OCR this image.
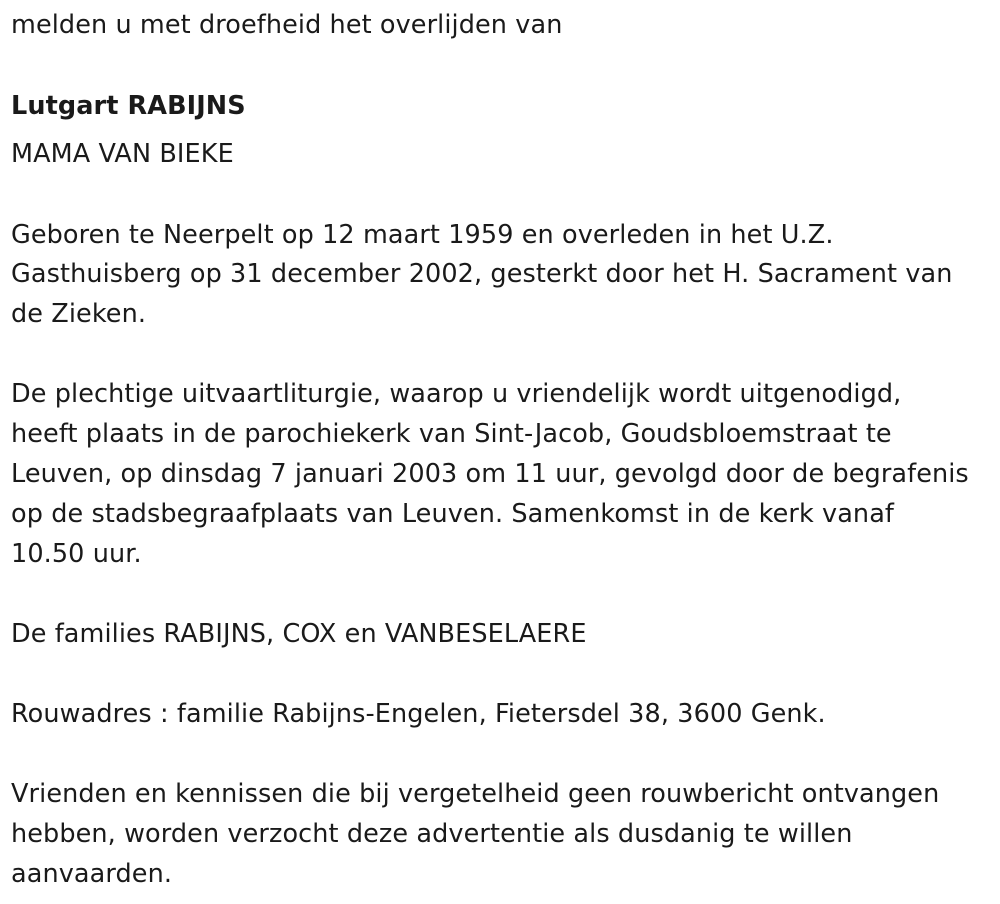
melden u met droefheid het overlijden van
Lutgart RABIJNS
MAMA VAN BIEKE
Geboren te Neerpelt op 12 maart 1959 en overleden in het U.Z.
Gasthuisberg op 31 december 2002, gesterkt door het H. Sacrament van
de Zieken.
De plechtige uitvaartliturgie, waarop u vriendelijk wordt uitgenodigd,
heeft plaats in de parochiekerk van Sint-Jacob, Goudsbloemstraat te
Leuven, op dinsdag 7 januari 2003 om 11 uur, gevolgd door de begrafenis
op de stadsbegraafplaats van Leuven. Samenkomst in de kerk vanaf
10.50 uur.
De families RABIJNS, COX en VANBESELAERE
Rouwadres : familie Rabijns-Engelen, Fietersdel 38, 3600 Genk.
Vrienden en kennissen die bij vergetelheid geen rouwbericht ontvangen
hebben, worden verzocht deze advertentie als dusdanig te willen
aanvaarden.
